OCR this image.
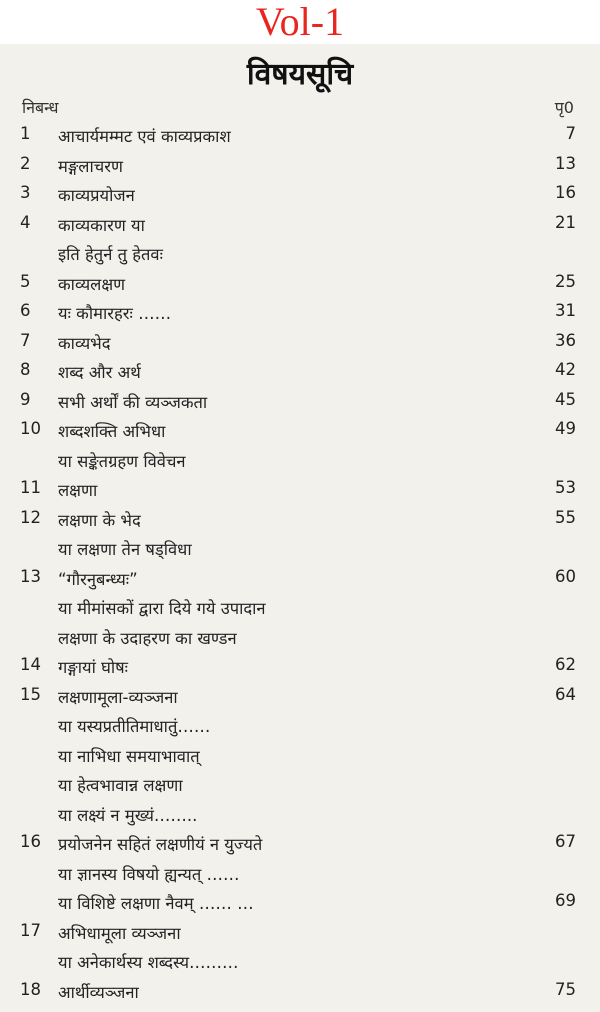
Vol-1
विषयसूचि
निबन्ध	पृ0
1	आचार्यमम्मट एवं काव्यप्रकाश	7
2	मङ्गलाचरण	13
3	काव्यप्रयोजन	16
4	काव्यकारण या	21
इति हेतुर्न तु हेतवः
5	काव्यलक्षण	25
6	यः कौमारहरः ……	31
7	काव्यभेद	36
8	शब्द और अर्थ	42
9	सभी अर्थों की व्यञ्जकता	45
10	शब्दशक्ति अभिधा	49
या सङ्केतग्रहण विवेचन
11	लक्षणा	53
12	लक्षणा के भेद	55
या लक्षणा तेन षड्विधा
13	“गौरनुबन्ध्यः”	60
या मीमांसकों द्वारा दिये गये उपादान
लक्षणा के उदाहरण का खण्डन
14	गङ्गायां घोषः	62
15	लक्षणामूला-व्यञ्जना	64
या यस्यप्रतीतिमाधातुं……
या नाभिधा समयाभावात्
या हेत्वभावान्न लक्षणा
या लक्ष्यं न मुख्यं……..
16	प्रयोजनेन सहितं लक्षणीयं न युज्यते	67
या ज्ञानस्य विषयो ह्यन्यत् ……
या विशिष्टे लक्षणा नैवम् …… …	69
17	अभिधामूला व्यञ्जना
या अनेकार्थस्य शब्दस्य………
18	आर्थीव्यञ्जना	75
